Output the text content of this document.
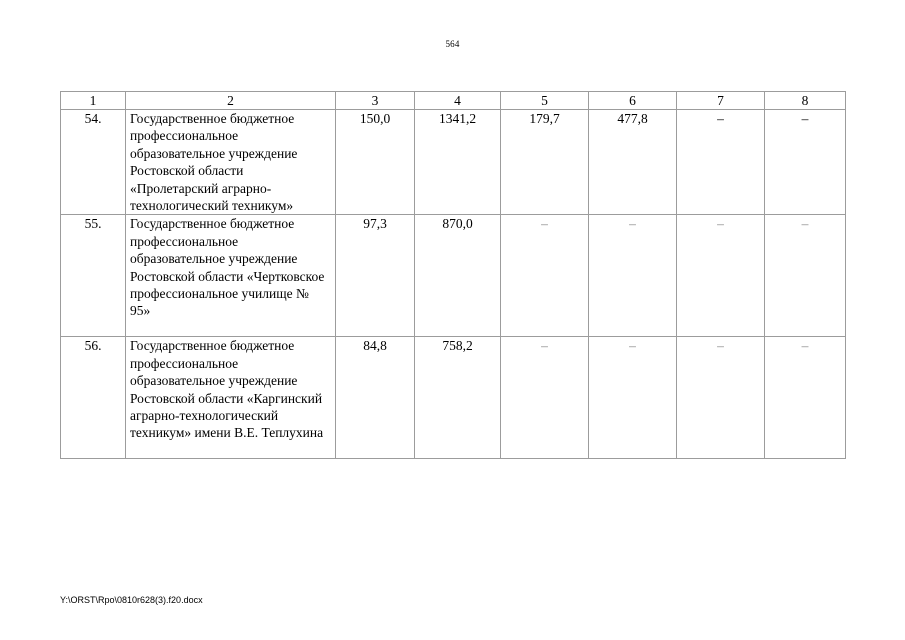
564
1	2	3	4	5	6	7	8
54.	Государственное бюджетное профессиональное образовательное учреждение Ростовской области «Пролетарский аграрно-технологический техникум»	150,0	1341,2	179,7	477,8	–	–
55.	Государственное бюджетное профессиональное образовательное учреждение Ростовской области «Чертковское профессиональное училище № 95»	97,3	870,0	–	–	–	–
56.	Государственное бюджетное профессиональное образовательное учреждение Ростовской области «Каргинский аграрно-технологический техникум» имени В.Е. Теплухина	84,8	758,2	–	–	–	–
Y:\ORST\Rpo\0810r628(3).f20.docx
